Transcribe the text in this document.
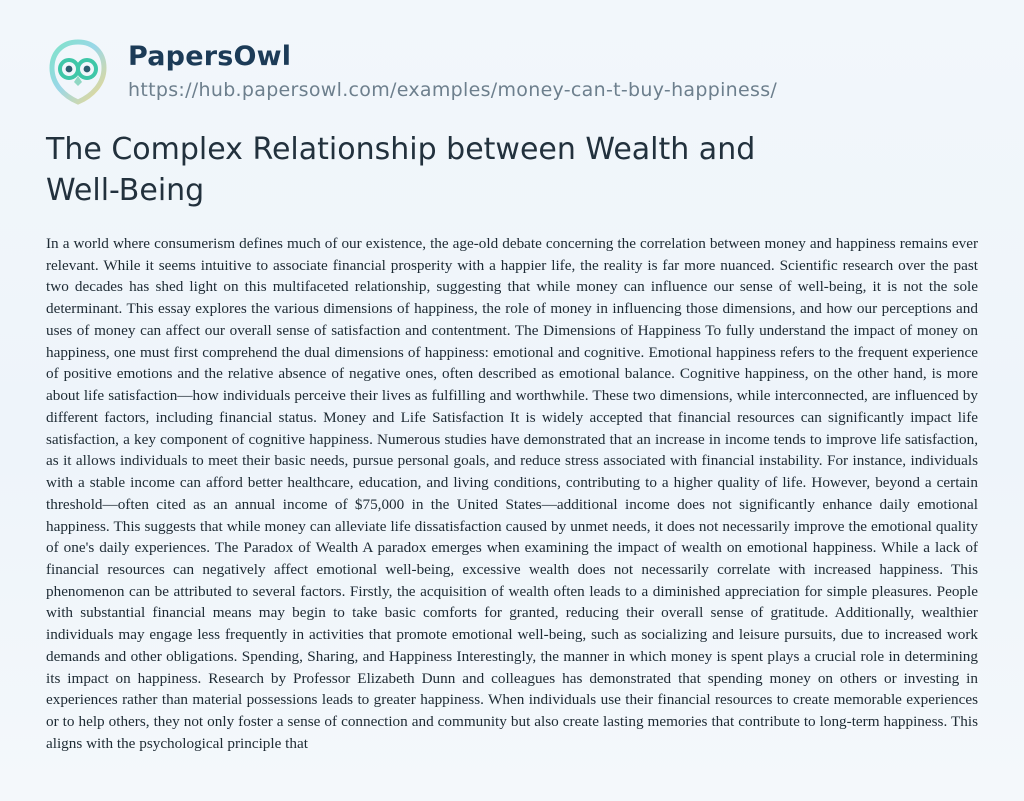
PapersOwl
https://hub.papersowl.com/examples/money-can-t-buy-happiness/
The Complex Relationship between Wealth and Well-Being

In a world where consumerism defines much of our existence, the age-old debate concerning the correlation between money and happiness remains ever relevant. While it seems intuitive to associate financial prosperity with a happier life, the reality is far more nuanced. Scientific research over the past two decades has shed light on this multifaceted relationship, suggesting that while money can influence our sense of well-being, it is not the sole determinant. This essay explores the various dimensions of happiness, the role of money in influencing those dimensions, and how our perceptions and uses of money can affect our overall sense of satisfaction and contentment. The Dimensions of Happiness To fully understand the impact of money on happiness, one must first comprehend the dual dimensions of happiness: emotional and cognitive. Emotional happiness refers to the frequent experience of positive emotions and the relative absence of negative ones, often described as emotional balance. Cognitive happiness, on the other hand, is more about life satisfaction—how individuals perceive their lives as fulfilling and worthwhile. These two dimensions, while interconnected, are influenced by different factors, including financial status. Money and Life Satisfaction It is widely accepted that financial resources can significantly impact life satisfaction, a key component of cognitive happiness. Numerous studies have demonstrated that an increase in income tends to improve life satisfaction, as it allows individuals to meet their basic needs, pursue personal goals, and reduce stress associated with financial instability. For instance, individuals with a stable income can afford better healthcare, education, and living conditions, contributing to a higher quality of life. However, beyond a certain threshold—often cited as an annual income of $75,000 in the United States—additional income does not significantly enhance daily emotional happiness. This suggests that while money can alleviate life dissatisfaction caused by unmet needs, it does not necessarily improve the emotional quality of one's daily experiences. The Paradox of Wealth A paradox emerges when examining the impact of wealth on emotional happiness. While a lack of financial resources can negatively affect emotional well-being, excessive wealth does not necessarily correlate with increased happiness. This phenomenon can be attributed to several factors. Firstly, the acquisition of wealth often leads to a diminished appreciation for simple pleasures. People with substantial financial means may begin to take basic comforts for granted, reducing their overall sense of gratitude. Additionally, wealthier individuals may engage less frequently in activities that promote emotional well-being, such as socializing and leisure pursuits, due to increased work demands and other obligations. Spending, Sharing, and Happiness Interestingly, the manner in which money is spent plays a crucial role in determining its impact on happiness. Research by Professor Elizabeth Dunn and colleagues has demonstrated that spending money on others or investing in experiences rather than material possessions leads to greater happiness. When individuals use their financial resources to create memorable experiences or to help others, they not only foster a sense of connection and community but also create lasting memories that contribute to long-term happiness. This aligns with the psychological principle that
